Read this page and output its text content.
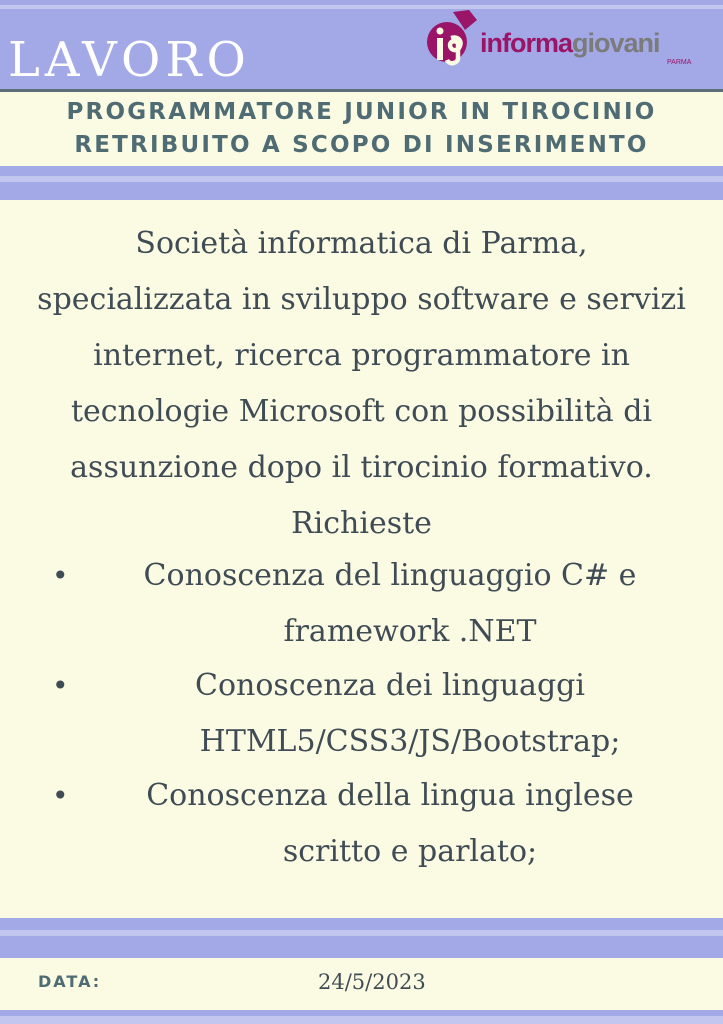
LAVORO	informagiovani
PARMA
PROGRAMMATORE JUNIOR IN TIROCINIO
RETRIBUITO A SCOPO DI INSERIMENTO

Società informatica di Parma,

specializzata in sviluppo software e servizi

internet, ricerca programmatore in

tecnologie Microsoft con possibilità di

assunzione dopo il tirocinio formativo.

Richieste

•	Conoscenza del linguaggio C# e
framework .NET
•	Conoscenza dei linguaggi
HTML5/CSS3/JS/Bootstrap;
•	Conoscenza della lingua inglese
scritto e parlato;
DATA:	24/5/2023
